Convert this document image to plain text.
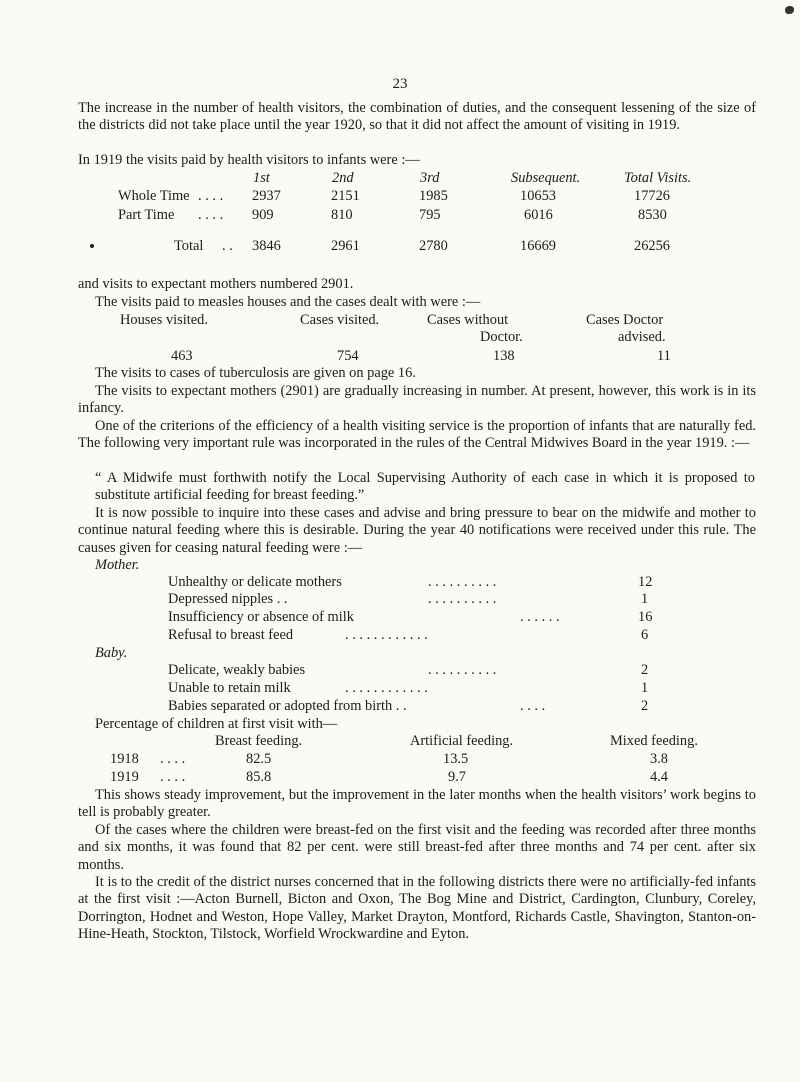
23
The increase in the number of health visitors, the combination of duties, and the consequent lessening of the size of the districts did not take place until the year 1920, so that it did not affect the amount of visiting in 1919.
In 1919 the visits paid by health visitors to infants were :—
1st	2nd	3rd	Subsequent.	Total Visits.
Whole Time . . . . 2937	2151	1985	10653	17726
Part Time . . . . 909	810	795	6016	8530
Total . . 3846	2961	2780	16669	26256
and visits to expectant mothers numbered 2901.
The visits paid to measles houses and the cases dealt with were :—
Houses visited.	Cases visited.	Cases without	Cases Doctor
Doctor.	advised.
463	754	138	11
The visits to cases of tuberculosis are given on page 16.
The visits to expectant mothers (2901) are gradually increasing in number. At present, however, this work is in its infancy.
One of the criterions of the efficiency of a health visiting service is the proportion of infants that are naturally fed. The following very important rule was incorporated in the rules of the Central Midwives Board in the year 1919. :—
“ A Midwife must forthwith notify the Local Supervising Authority of each case in which it is proposed to substitute artificial feeding for breast feeding.”
It is now possible to inquire into these cases and advise and bring pressure to bear on the midwife and mother to continue natural feeding where this is desirable. During the year 40 notifications were received under this rule. The causes given for ceasing natural feeding were :—
Mother.
Unhealthy or delicate mothers	. . . . . . . . . .	12
Depressed nipples . .	. . . . . . . . . .	1
Insufficiency or absence of milk	. . . . . .	16
Refusal to breast feed	. . . . . . . . . . . .	6
Baby.
Delicate, weakly babies	. . . . . . . . . .	2
Unable to retain milk	. . . . . . . . . . . .	1
Babies separated or adopted from birth . .	. . . .	2
Percentage of children at first visit with—
Breast feeding.	Artificial feeding.	Mixed feeding.
1918 . . . .	82.5	13.5	3.8
1919 . . . .	85.8	9.7	4.4
This shows steady improvement, but the improvement in the later months when the health visitors’ work begins to tell is probably greater.
Of the cases where the children were breast-fed on the first visit and the feeding was recorded after three months and six months, it was found that 82 per cent. were still breast-fed after three months and 74 per cent. after six months.
It is to the credit of the district nurses concerned that in the following districts there were no artificially-fed infants at the first visit :—Acton Burnell, Bicton and Oxon, The Bog Mine and District, Cardington, Clunbury, Coreley, Dorrington, Hodnet and Weston, Hope Valley, Market Drayton, Montford, Richards Castle, Shavington, Stanton-on-Hine-Heath, Stockton, Tilstock, Worfield Wrockwardine and Eyton.
